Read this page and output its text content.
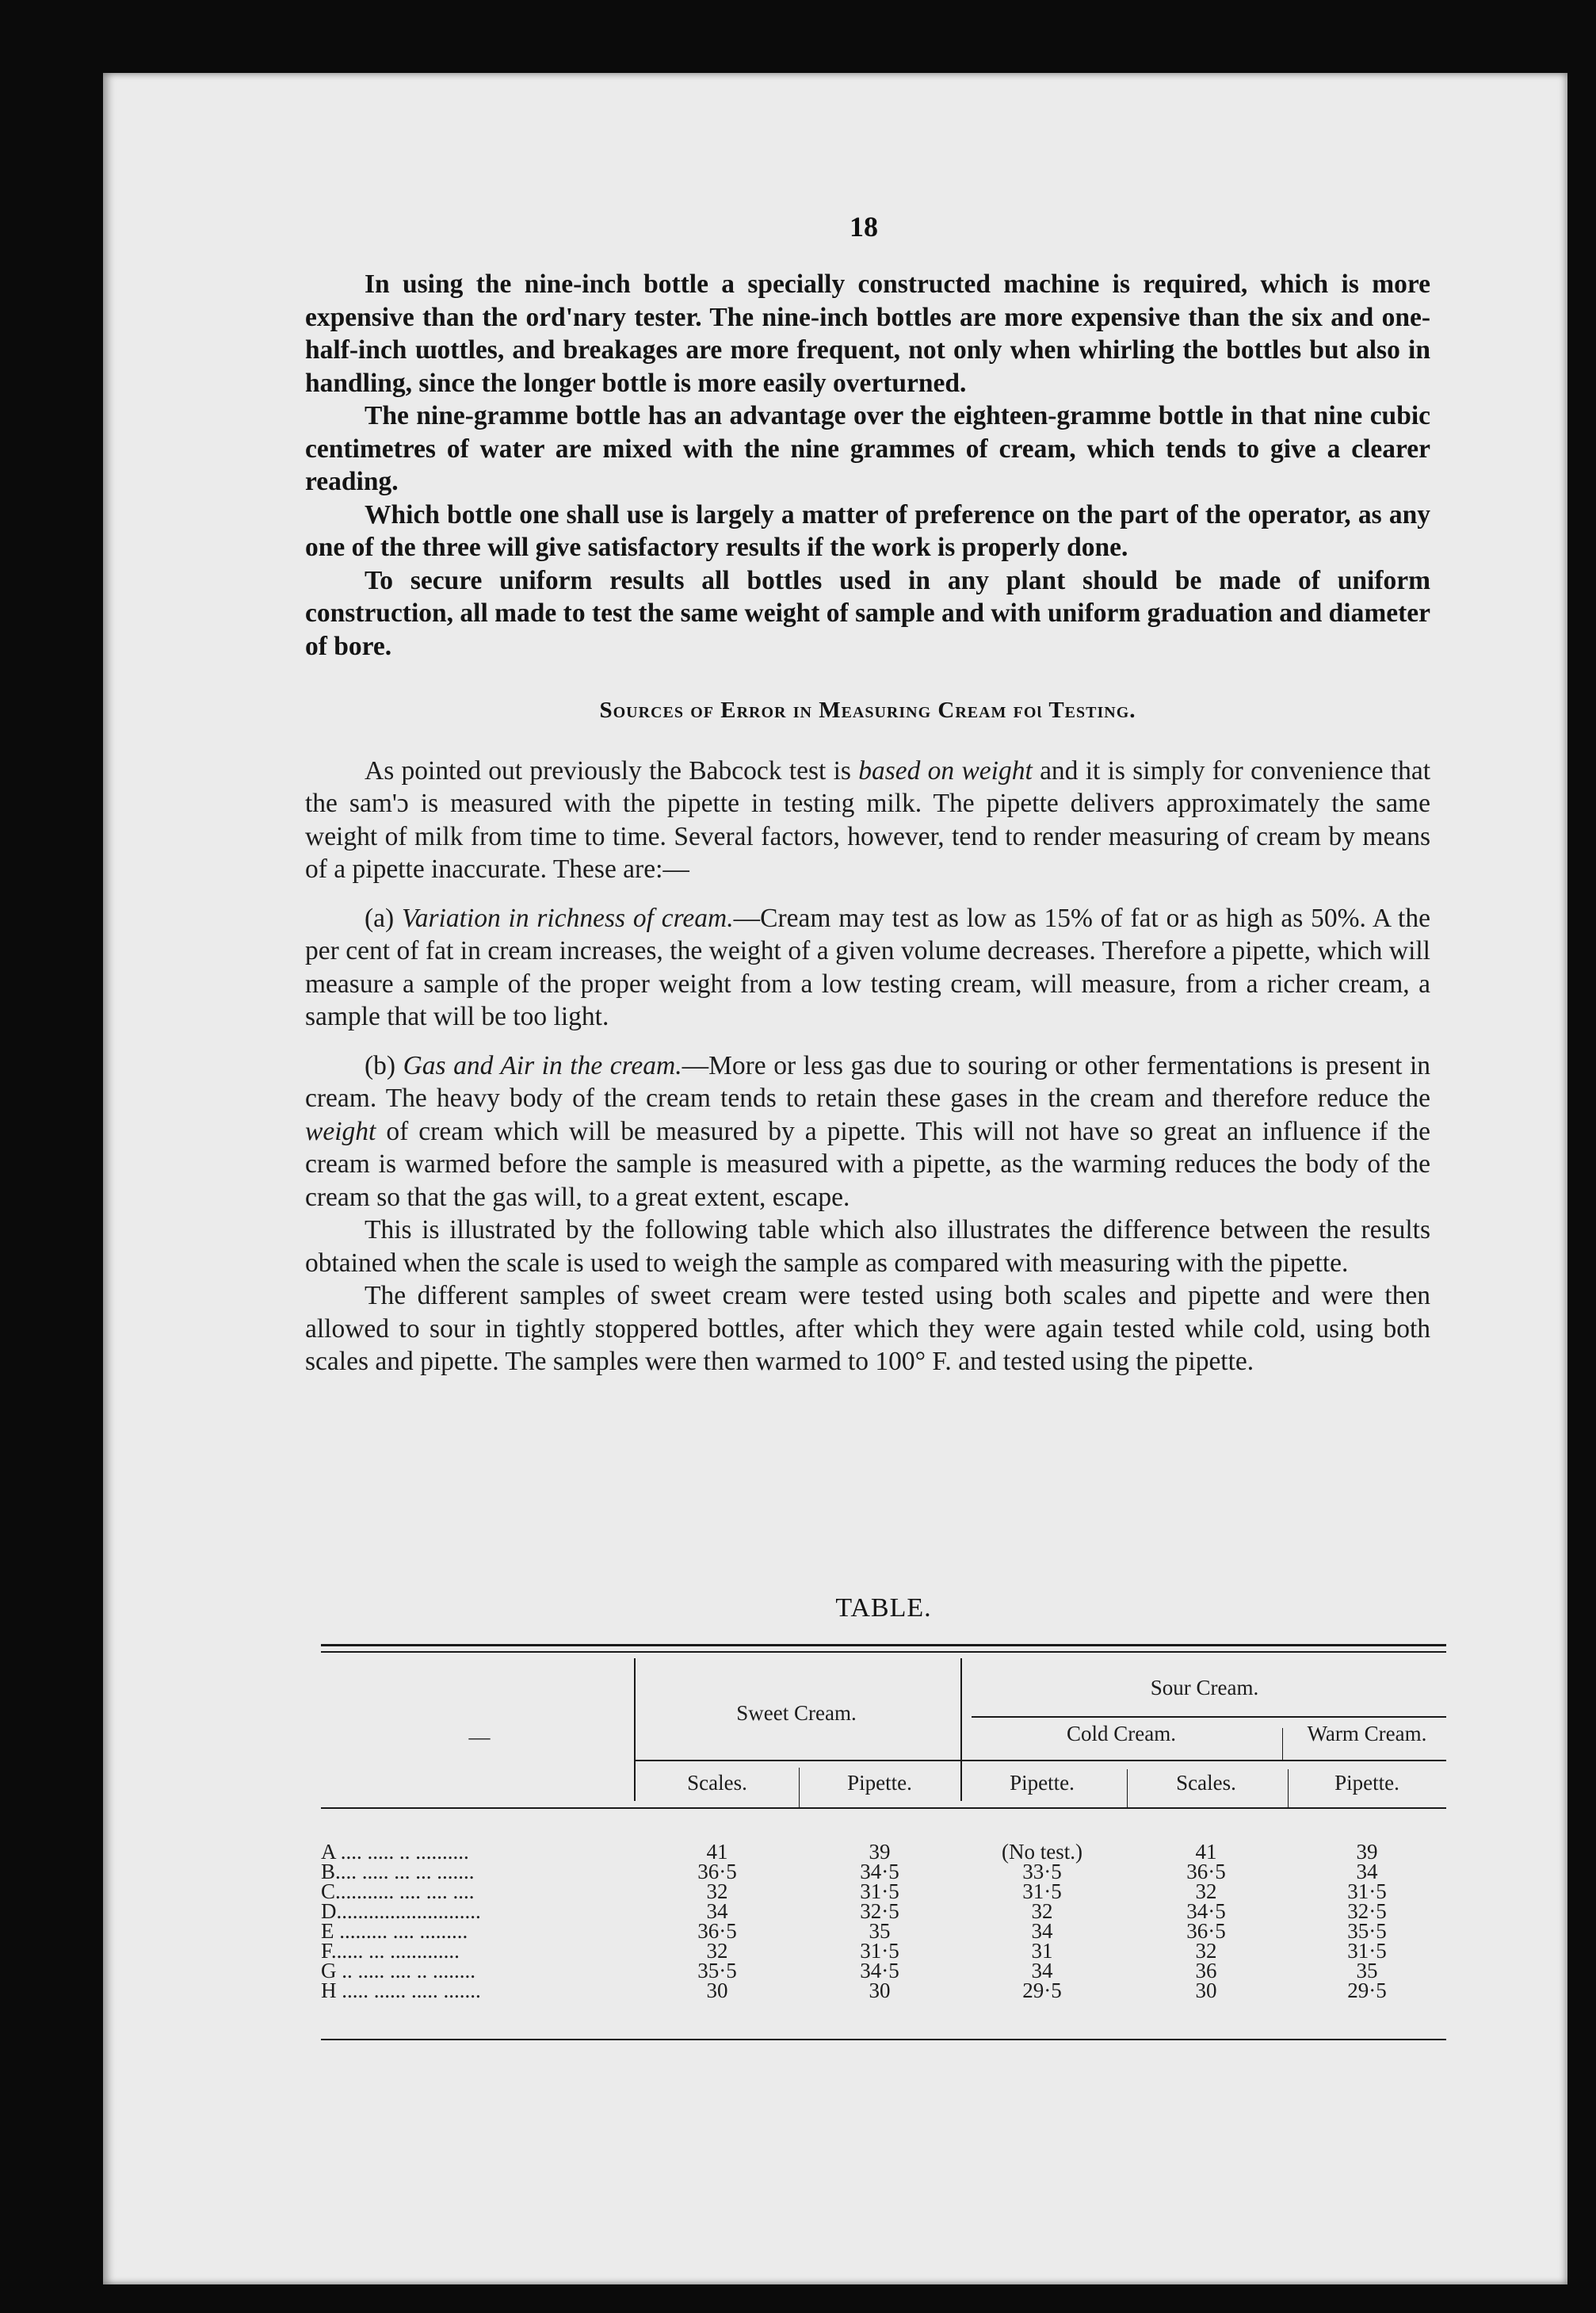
18

In using the nine-inch bottle a specially constructed machine is required, which is more expensive than the ord'nary tester. The nine-inch bottles are more expensive than the six and one-half-inch ɯottles, and breakages are more frequent, not only when whirling the bottles but also in handling, since the longer bottle is more easily overturned.

The nine-gramme bottle has an advantage over the eighteen-gramme bottle in that nine cubic centimetres of water are mixed with the nine grammes of cream, which tends to give a clearer reading.

Which bottle one shall use is largely a matter of preference on the part of the operator, as any one of the three will give satisfactory results if the work is properly done.

To secure uniform results all bottles used in any plant should be made of uniform construction, all made to test the same weight of sample and with uniform graduation and diameter of bore.

Sources of Error in Measuring Cream foɩ Testing.

As pointed out previously the Babcock test is based on weight and it is simply for convenience that the sam'ɔ is measured with the pipette in testing milk. The pipette delivers approximately the same weight of milk from time to time. Several factors, however, tend to render measuring of cream by means of a pipette inaccurate. These are:—

(a) Variation in richness of cream.—Cream may test as low as 15% of fat or as high as 50%. A the per cent of fat in cream increases, the weight of a given volume decreases. Therefore a pipette, which will measure a sample of the proper weight from a low testing cream, will measure, from a richer cream, a sample that will be too light.

(b) Gas and Air in the cream.—More or less gas due to souring or other fermentations is present in cream. The heavy body of the cream tends to retain these gases in the cream and therefore reduce the weight of cream which will be measured by a pipette. This will not have so great an influence if the cream is warmed before the sample is measured with a pipette, as the warming reduces the body of the cream so that the gas will, to a great extent, escape.

This is illustrated by the following table which also illustrates the difference between the results obtained when the scale is used to weigh the sample as compared with measuring with the pipette.

The different samples of sweet cream were tested using both scales and pipette and were then allowed to sour in tightly stoppered bottles, after which they were again tested while cold, using both scales and pipette. The samples were then warmed to 100° F. and tested using the pipette.

TABLE.
—
Sweet Cream.
Sour Cream.
Cold Cream.	Warm Cream.
Scales.	Pipette.	Pipette.	Scales.	Pipette.
A .... ..... .. ..........	41	39	(No test.)	41	39
B.... ..... ... ... .......	36·5	34·5	33·5	36·5	34
C........... .... .... ....	32	31·5	31·5	32	31·5
D...........................	34	32·5	32	34·5	32·5
E ......... .... .........	36·5	35	34	36·5	35·5
F...... ... .............	32	31·5	31	32	31·5
G .. ..... .... .. ........	35·5	34·5	34	36	35
H ..... ...... ..... .......	30	30	29·5	30	29·5
